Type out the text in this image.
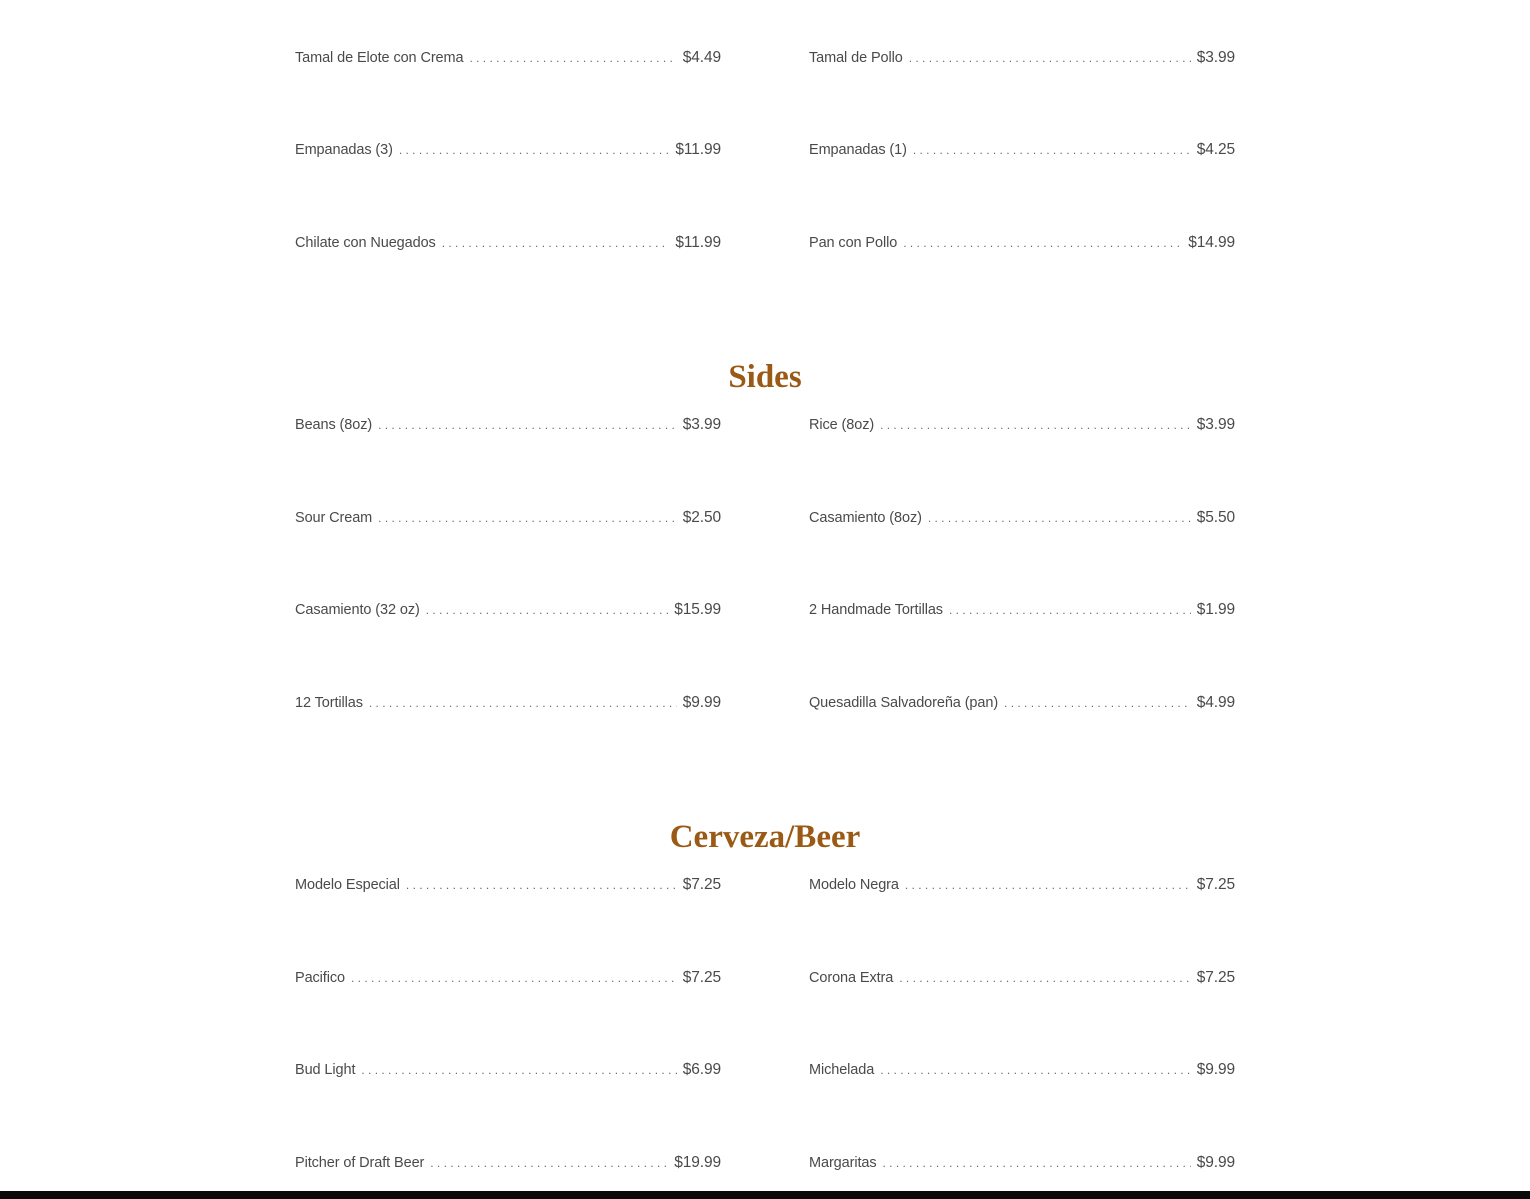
Tamal de Elote con Crema . . .	$4.49
Empanadas (3) . . .	$11.99
Chilate con Nuegados . . .	$11.99
Tamal de Pollo . . .	$3.99
Empanadas (1) . . .	$4.25
Pan con Pollo . . .	$14.99
Sides
Beans (8oz) . . .	$3.99
Sour Cream . . .	$2.50
Casamiento (32 oz) . . .	$15.99
12 Tortillas . . .	$9.99
Rice (8oz) . . .	$3.99
Casamiento (8oz) . . .	$5.50
2 Handmade Tortillas . . .	$1.99
Quesadilla Salvadoreña (pan) . . .	$4.99
Cerveza/Beer
Modelo Especial . . .	$7.25
Pacifico . . .	$7.25
Bud Light . . .	$6.99
Pitcher of Draft Beer . . .	$19.99
Modelo Negra . . .	$7.25
Corona Extra . . .	$7.25
Michelada . . .	$9.99
Margaritas . . .	$9.99
